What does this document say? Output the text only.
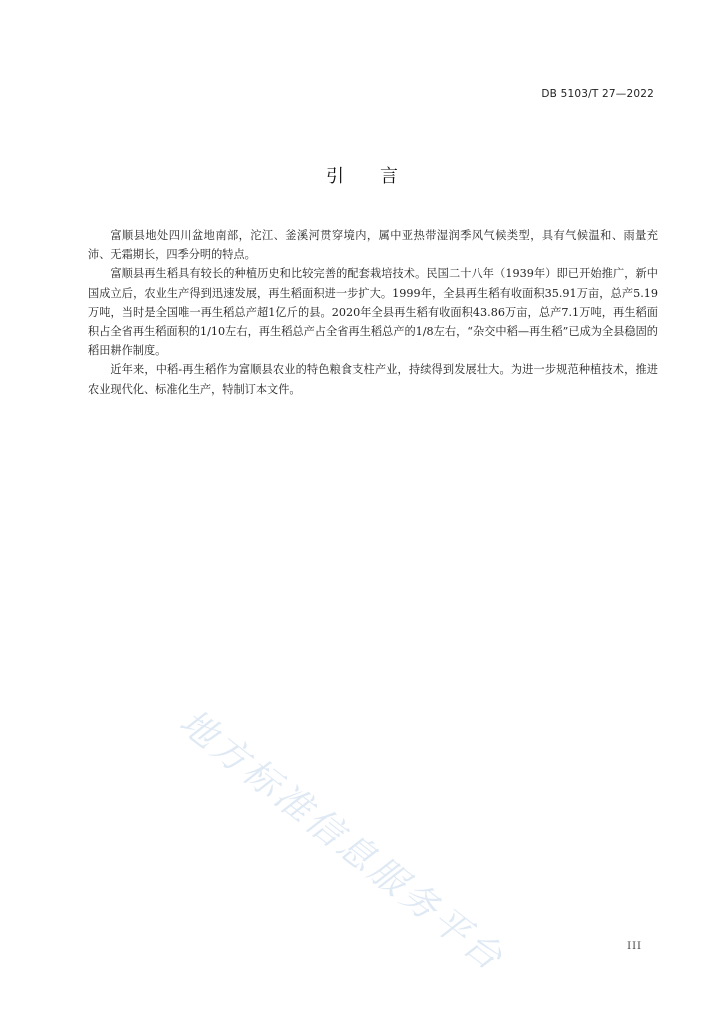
DB 5103/T 27—2022
引 言

富顺县地处四川盆地南部，沱江、釜溪河贯穿境内，属中亚热带湿润季风气候类型，具有气候温和、雨量充沛、无霜期长，四季分明的特点。

富顺县再生稻具有较长的种植历史和比较完善的配套栽培技术。民国二十八年（1939年）即已开始推广，新中国成立后，农业生产得到迅速发展，再生稻面积进一步扩大。1999年，全县再生稻有收面积35.91万亩，总产5.19万吨，当时是全国唯一再生稻总产超1亿斤的县。2020年全县再生稻有收面积43.86万亩，总产7.1万吨，再生稻面积占全省再生稻面积的1/10左右，再生稻总产占全省再生稻总产的1/8左右，“杂交中稻—再生稻”已成为全县稳固的稻田耕作制度。

近年来，中稻-再生稻作为富顺县农业的特色粮食支柱产业，持续得到发展壮大。为进一步规范种植技术，推进农业现代化、标准化生产，特制订本文件。

地方标准信息服务平台	III
